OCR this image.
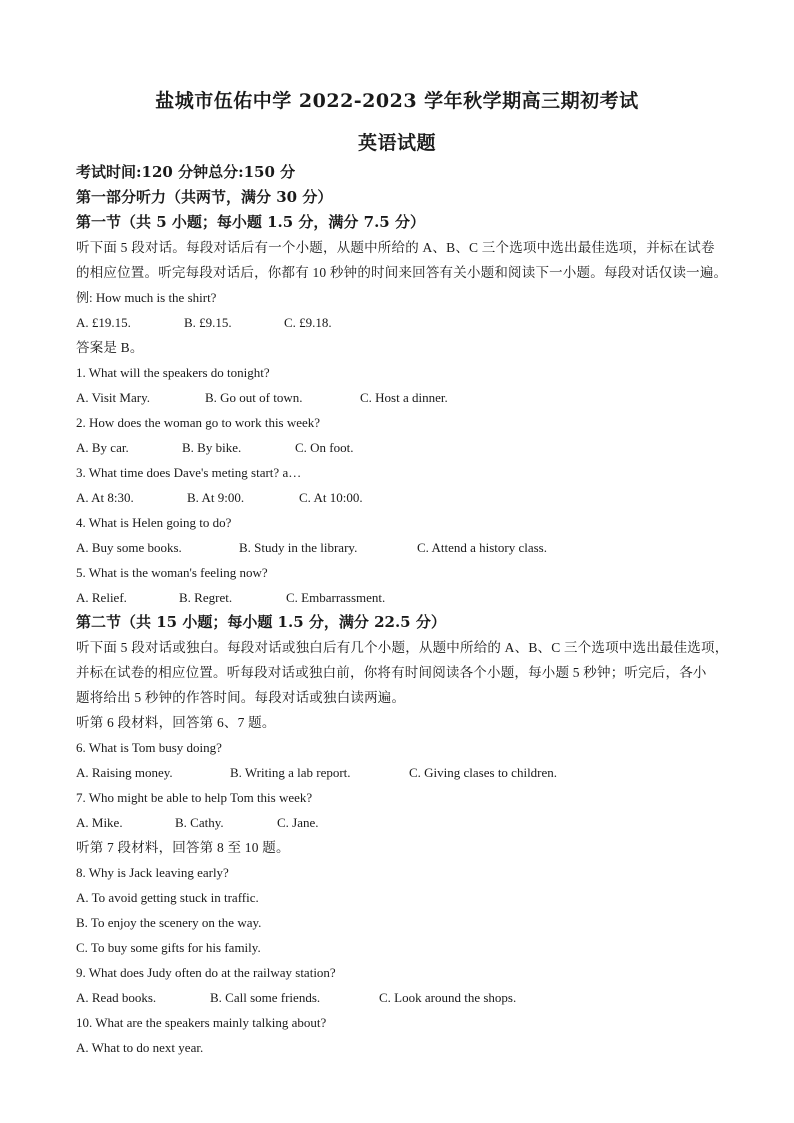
盐城市伍佑中学 2022-2023 学年秋学期高三期初考试
英语试题
考试时间:120 分钟总分:150 分
第一部分听力（共两节，满分 30 分）
第一节（共 5 小题；每小题 1.5 分，满分 7.5 分）
听下面 5 段对话。每段对话后有一个小题，从题中所给的 A、B、C 三个选项中选出最佳选项，并标在试卷
的相应位置。听完每段对话后，你都有 10 秒钟的时间来回答有关小题和阅读下一小题。每段对话仅读一遍。
例: How much is the shirt?
A. £19.15.	B. £9.15.	C. £9.18.
答案是 B。
1. What will the speakers do tonight?
A. Visit Mary.	B. Go out of town.	C. Host a dinner.
2. How does the woman go to work this week?
A. By car.	B. By bike.	C. On foot.
3. What time does Dave's meting start? a…
A. At 8:30.	B. At 9:00.	C. At 10:00.
4. What is Helen going to do?
A. Buy some books.	B. Study in the library.	C. Attend a history class.
5. What is the woman's feeling now?
A. Relief.	B. Regret.	C. Embarrassment.
第二节（共 15 小题；每小题 1.5 分，满分 22.5 分）
听下面 5 段对话或独白。每段对话或独白后有几个小题，从题中所给的 A、B、C 三个选项中选出最佳选项，
并标在试卷的相应位置。听每段对话或独白前，你将有时间阅读各个小题，每小题 5 秒钟；听完后，各小
题将给出 5 秒钟的作答时间。每段对话或独白读两遍。
听第 6 段材料，回答第 6、7 题。
6. What is Tom busy doing?
A. Raising money.	B. Writing a lab report.	C. Giving clases to children.
7. Who might be able to help Tom this week?
A. Mike.	B. Cathy.	C. Jane.
听第 7 段材料，回答第 8 至 10 题。
8. Why is Jack leaving early?
A. To avoid getting stuck in traffic.
B. To enjoy the scenery on the way.
C. To buy some gifts for his family.
9. What does Judy often do at the railway station?
A. Read books.	B. Call some friends.	C. Look around the shops.
10. What are the speakers mainly talking about?
A. What to do next year.
